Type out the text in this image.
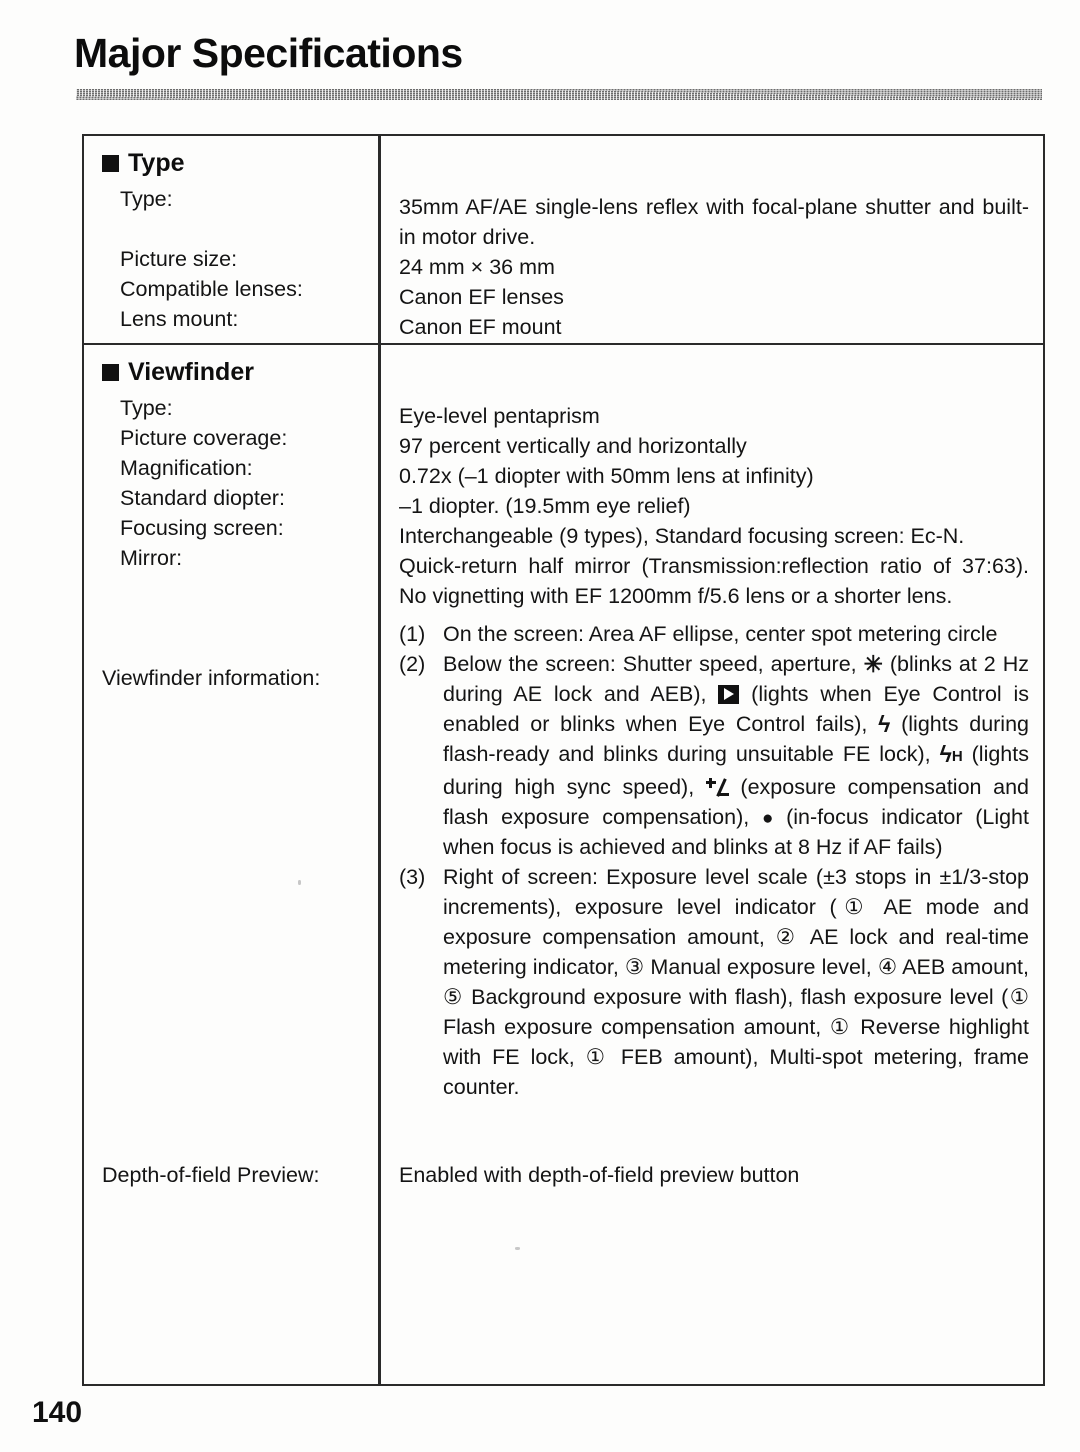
Major Specifications
Type
Type:
Picture size:
Compatible lenses:
Lens mount:
35mm AF/AE single-lens reflex with focal-plane shutter and built-in motor drive.
24 mm × 36 mm
Canon EF lenses
Canon EF mount
Viewfinder
Type:
Picture coverage:
Magnification:
Standard diopter:
Focusing screen:
Mirror:
Viewfinder information:
Eye-level pentaprism
97 percent vertically and horizontally
0.72x (–1 diopter with 50mm lens at infinity)
–1 diopter. (19.5mm eye relief)
Interchangeable (9 types), Standard focusing screen: Ec-N.
Quick-return half mirror (Transmission:reflection ratio of 37:63). No vignetting with EF 1200mm f/5.6 lens or a shorter lens.
(1) On the screen: Area AF ellipse, center spot metering circle
(2) Below the screen: Shutter speed, aperture, ✳ (blinks at 2 Hz during AE lock and AEB), (lights when Eye Control is enabled or blinks when Eye Control fails), ϟ (lights during flash-ready and blinks during unsuitable FE lock), ϟH (lights during high sync speed), (exposure compensation and flash exposure compensation), ● (in-focus indicator (Light when focus is achieved and blinks at 8 Hz if AF fails)
(3) Right of screen: Exposure level scale (±3 stops in ±1/3-stop increments), exposure level indicator (① AE mode and exposure compensation amount, ② AE lock and real-time metering indicator, ③ Manual exposure level, ④ AEB amount, ⑤ Background exposure with flash), flash exposure level (① Flash exposure compensation amount, ① Reverse highlight with FE lock, ① FEB amount), Multi-spot metering, frame counter.
Depth-of-field Preview:	Enabled with depth-of-field preview button
140
